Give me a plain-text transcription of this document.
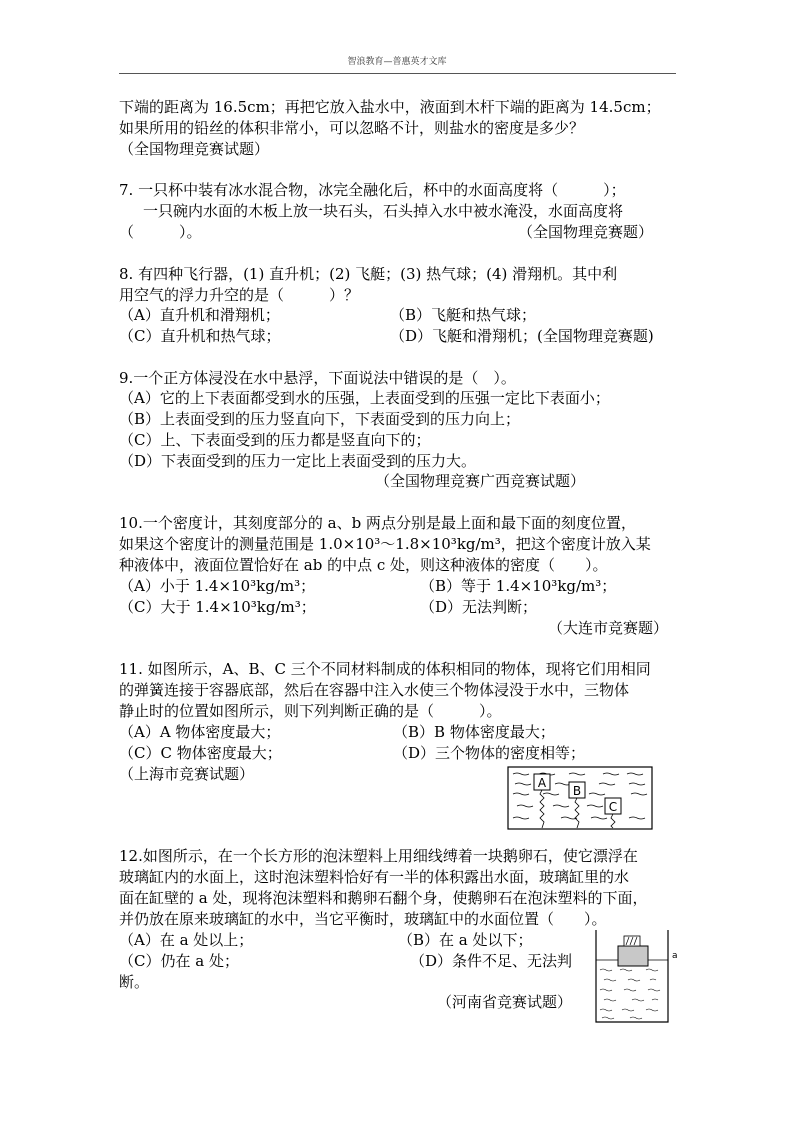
智浪教育—普惠英才文库
下端的距离为 16.5cm；再把它放入盐水中，液面到木杆下端的距离为 14.5cm；
如果所用的铅丝的体积非常小，可以忽略不计，则盐水的密度是多少？
（全国物理竞赛试题）
7. 一只杯中装有冰水混合物，冰完全融化后，杯中的水面高度将（　　　）；
一只碗内水面的木板上放一块石头，石头掉入水中被水淹没，水面高度将
（　　　）。	（全国物理竞赛题）
8. 有四种飞行器，(1) 直升机；(2) 飞艇；(3) 热气球；(4) 滑翔机。其中利
用空气的浮力升空的是（　　　）？
（A）直升机和滑翔机；	（B）飞艇和热气球；
（C）直升机和热气球；	（D）飞艇和滑翔机；(全国物理竞赛题)
9.一个正方体浸没在水中悬浮，下面说法中错误的是（　）。
（A）它的上下表面都受到水的压强，上表面受到的压强一定比下表面小；
（B）上表面受到的压力竖直向下，下表面受到的压力向上；
（C）上、下表面受到的压力都是竖直向下的；
（D）下表面受到的压力一定比上表面受到的压力大。
（全国物理竞赛广西竞赛试题）
10.一个密度计，其刻度部分的 a、b 两点分别是最上面和最下面的刻度位置，
如果这个密度计的测量范围是 1.0×10³～1.8×10³kg/m³，把这个密度计放入某
种液体中，液面位置恰好在 ab 的中点 c 处，则这种液体的密度（　　）。
（A）小于 1.4×10³kg/m³；	（B）等于 1.4×10³kg/m³；
（C）大于 1.4×10³kg/m³；	（D）无法判断；
（大连市竞赛题）
11. 如图所示，A、B、C 三个不同材料制成的体积相同的物体，现将它们用相同
的弹簧连接于容器底部，然后在容器中注入水使三个物体浸没于水中，三物体
静止时的位置如图所示，则下列判断正确的是（　　　）。
（A）A 物体密度最大；	（B）B 物体密度最大；
（C）C 物体密度最大；	（D）三个物体的密度相等；
（上海市竞赛试题）	A
B
C
12.如图所示，在一个长方形的泡沫塑料上用细线缚着一块鹅卵石，使它漂浮在
玻璃缸内的水面上，这时泡沫塑料恰好有一半的体积露出水面，玻璃缸里的水
面在缸壁的 a 处，现将泡沫塑料和鹅卵石翻个身，使鹅卵石在泡沫塑料的下面，
并仍放在原来玻璃缸的水中，当它平衡时，玻璃缸中的水面位置（　　）。
（A）在 a 处以上；	（B）在 a 处以下；
（C）仍在 a 处；	（D）条件不足、无法判
断。
（河南省竞赛试题）
a
